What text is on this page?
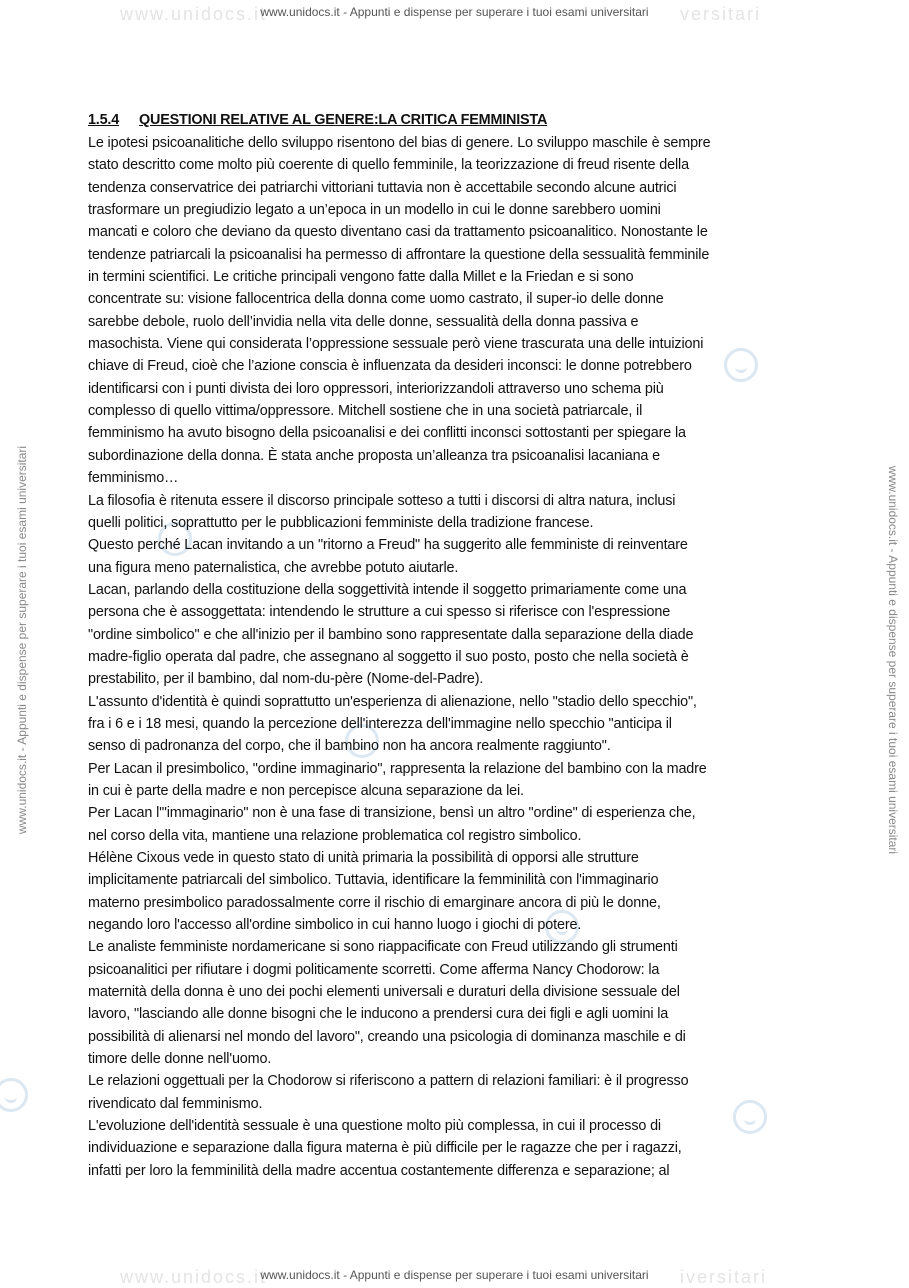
www.unidocs.it	versitari
www.unidocs.it	iversitari
www.unidocs.it - Appunti e dispense per superare i tuoi esami universitari
www.unidocs.it - Appunti e dispense per superare i tuoi esami universitari	www.unidocs.it - Appunti e dispense per superare i tuoi esami universitari
1.5.4 QUESTIONI RELATIVE AL GENERE:LA CRITICA FEMMINISTA
Le ipotesi psicoanalitiche dello sviluppo risentono del bias di genere. Lo sviluppo maschile è sempre
stato descritto come molto più coerente di quello femminile, la teorizzazione di freud risente della
tendenza conservatrice dei patriarchi vittoriani tuttavia non è accettabile secondo alcune autrici
trasformare un pregiudizio legato a un’epoca in un modello in cui le donne sarebbero uomini
mancati e coloro che deviano da questo diventano casi da trattamento psicoanalitico. Nonostante le
tendenze patriarcali la psicoanalisi ha permesso di affrontare la questione della sessualità femminile
in termini scientifici. Le critiche principali vengono fatte dalla Millet e la Friedan e si sono
concentrate su: visione fallocentrica della donna come uomo castrato, il super-io delle donne
sarebbe debole, ruolo dell’invidia nella vita delle donne, sessualità della donna passiva e
masochista. Viene qui considerata l’oppressione sessuale però viene trascurata una delle intuizioni
chiave di Freud, cioè che l’azione conscia è influenzata da desideri inconsci: le donne potrebbero
identificarsi con i punti divista dei loro oppressori, interiorizzandoli attraverso uno schema più
complesso di quello vittima/oppressore. Mitchell sostiene che in una società patriarcale, il
femminismo ha avuto bisogno della psicoanalisi e dei conflitti inconsci sottostanti per spiegare la
subordinazione della donna. È stata anche proposta un’alleanza tra psicoanalisi lacaniana e
femminismo…
La filosofia è ritenuta essere il discorso principale sotteso a tutti i discorsi di altra natura, inclusi
quelli politici, soprattutto per le pubblicazioni femministe della tradizione francese.
Questo perché Lacan invitando a un "ritorno a Freud" ha suggerito alle femministe di reinventare
una figura meno paternalistica, che avrebbe potuto aiutarle.
Lacan, parlando della costituzione della soggettività intende il soggetto primariamente come una
persona che è assoggettata: intendendo le strutture a cui spesso si riferisce con l'espressione
"ordine simbolico" e che all'inizio per il bambino sono rappresentate dalla separazione della diade
madre-figlio operata dal padre, che assegnano al soggetto il suo posto, posto che nella società è
prestabilito, per il bambino, dal nom-du-père (Nome-del-Padre).
L'assunto d'identità è quindi soprattutto un'esperienza di alienazione, nello "stadio dello specchio",
fra i 6 e i 18 mesi, quando la percezione dell'interezza dell'immagine nello specchio "anticipa il
senso di padronanza del corpo, che il bambino non ha ancora realmente raggiunto".
Per Lacan il presimbolico, "ordine immaginario", rappresenta la relazione del bambino con la madre
in cui è parte della madre e non percepisce alcuna separazione da lei.
Per Lacan l'"immaginario" non è una fase di transizione, bensì un altro "ordine" di esperienza che,
nel corso della vita, mantiene una relazione problematica col registro simbolico.
Hélène Cixous vede in questo stato di unità primaria la possibilità di opporsi alle strutture
implicitamente patriarcali del simbolico. Tuttavia, identificare la femminilità con l'immaginario
materno presimbolico paradossalmente corre il rischio di emarginare ancora di più le donne,
negando loro l'accesso all'ordine simbolico in cui hanno luogo i giochi di potere.
Le analiste femministe nordamericane si sono riappacificate con Freud utilizzando gli strumenti
psicoanalitici per rifiutare i dogmi politicamente scorretti. Come afferma Nancy Chodorow: la
maternità della donna è uno dei pochi elementi universali e duraturi della divisione sessuale del
lavoro, "lasciando alle donne bisogni che le inducono a prendersi cura dei figli e agli uomini la
possibilità di alienarsi nel mondo del lavoro", creando una psicologia di dominanza maschile e di
timore delle donne nell'uomo.
Le relazioni oggettuali per la Chodorow si riferiscono a pattern di relazioni familiari: è il progresso
rivendicato dal femminismo.
L'evoluzione dell'identità sessuale è una questione molto più complessa, in cui il processo di
individuazione e separazione dalla figura materna è più difficile per le ragazze che per i ragazzi,
infatti per loro la femminilità della madre accentua costantemente differenza e separazione; al
www.unidocs.it - Appunti e dispense per superare i tuoi esami universitari
